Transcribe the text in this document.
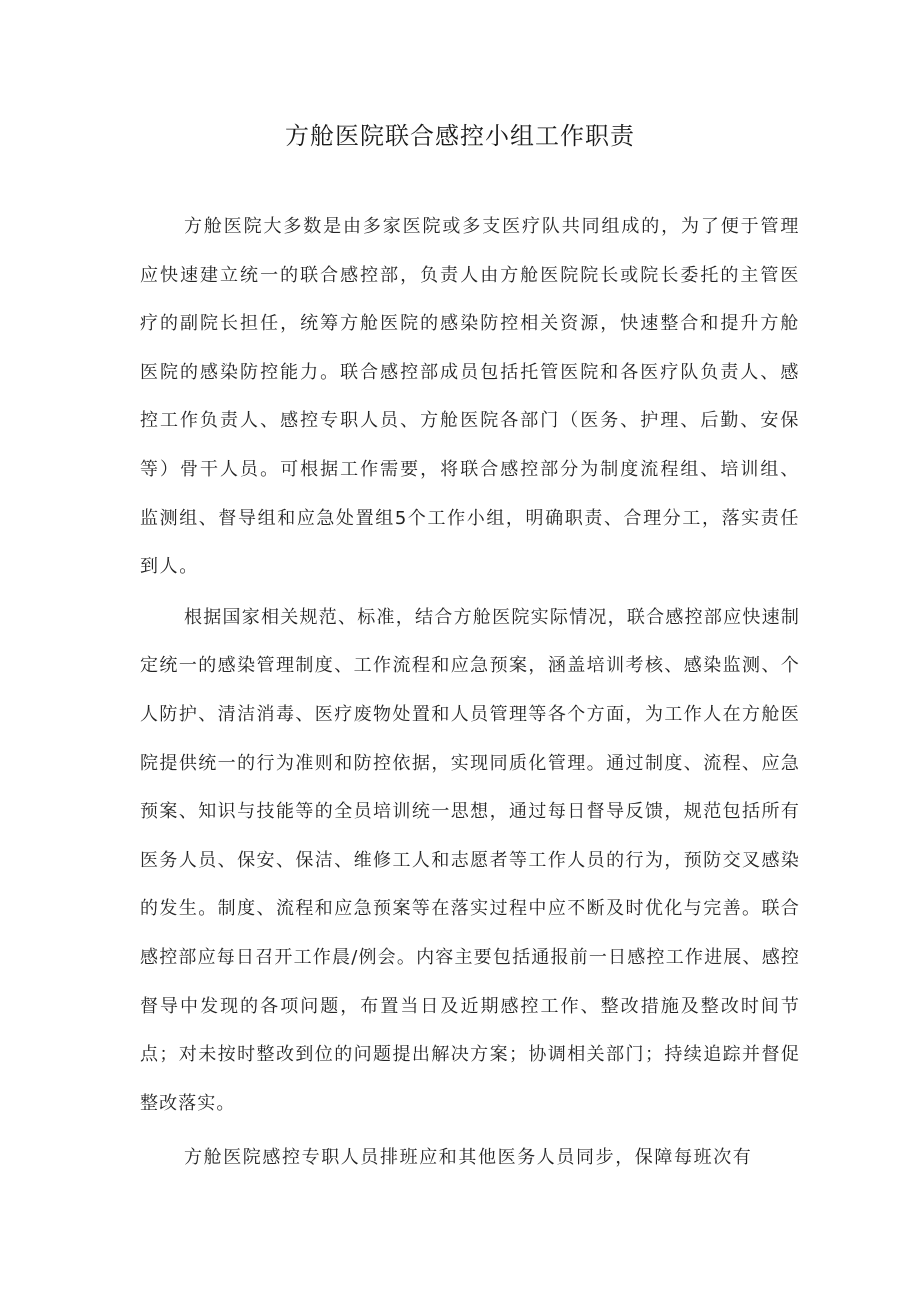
方舱医院联合感控小组工作职责

方舱医院大多数是由多家医院或多支医疗队共同组成的，为了便于管理应快速建立统一的联合感控部，负责人由方舱医院院长或院长委托的主管医疗的副院长担任，统筹方舱医院的感染防控相关资源，快速整合和提升方舱医院的感染防控能力。联合感控部成员包括托管医院和各医疗队负责人、感控工作负责人、感控专职人员、方舱医院各部门（医务、护理、后勤、安保等）骨干人员。可根据工作需要，将联合感控部分为制度流程组、培训组、监测组、督导组和应急处置组5个工作小组，明确职责、合理分工，落实责任到人。

根据国家相关规范、标准，结合方舱医院实际情况，联合感控部应快速制定统一的感染管理制度、工作流程和应急预案，涵盖培训考核、感染监测、个人防护、清洁消毒、医疗废物处置和人员管理等各个方面，为工作人在方舱医院提供统一的行为准则和防控依据，实现同质化管理。通过制度、流程、应急预案、知识与技能等的全员培训统一思想，通过每日督导反馈，规范包括所有医务人员、保安、保洁、维修工人和志愿者等工作人员的行为，预防交叉感染的发生。制度、流程和应急预案等在落实过程中应不断及时优化与完善。联合感控部应每日召开工作晨/例会。内容主要包括通报前一日感控工作进展、感控督导中发现的各项问题，布置当日及近期感控工作、整改措施及整改时间节点；对未按时整改到位的问题提出解决方案；协调相关部门；持续追踪并督促整改落实。

方舱医院感控专职人员排班应和其他医务人员同步，保障每班次有
